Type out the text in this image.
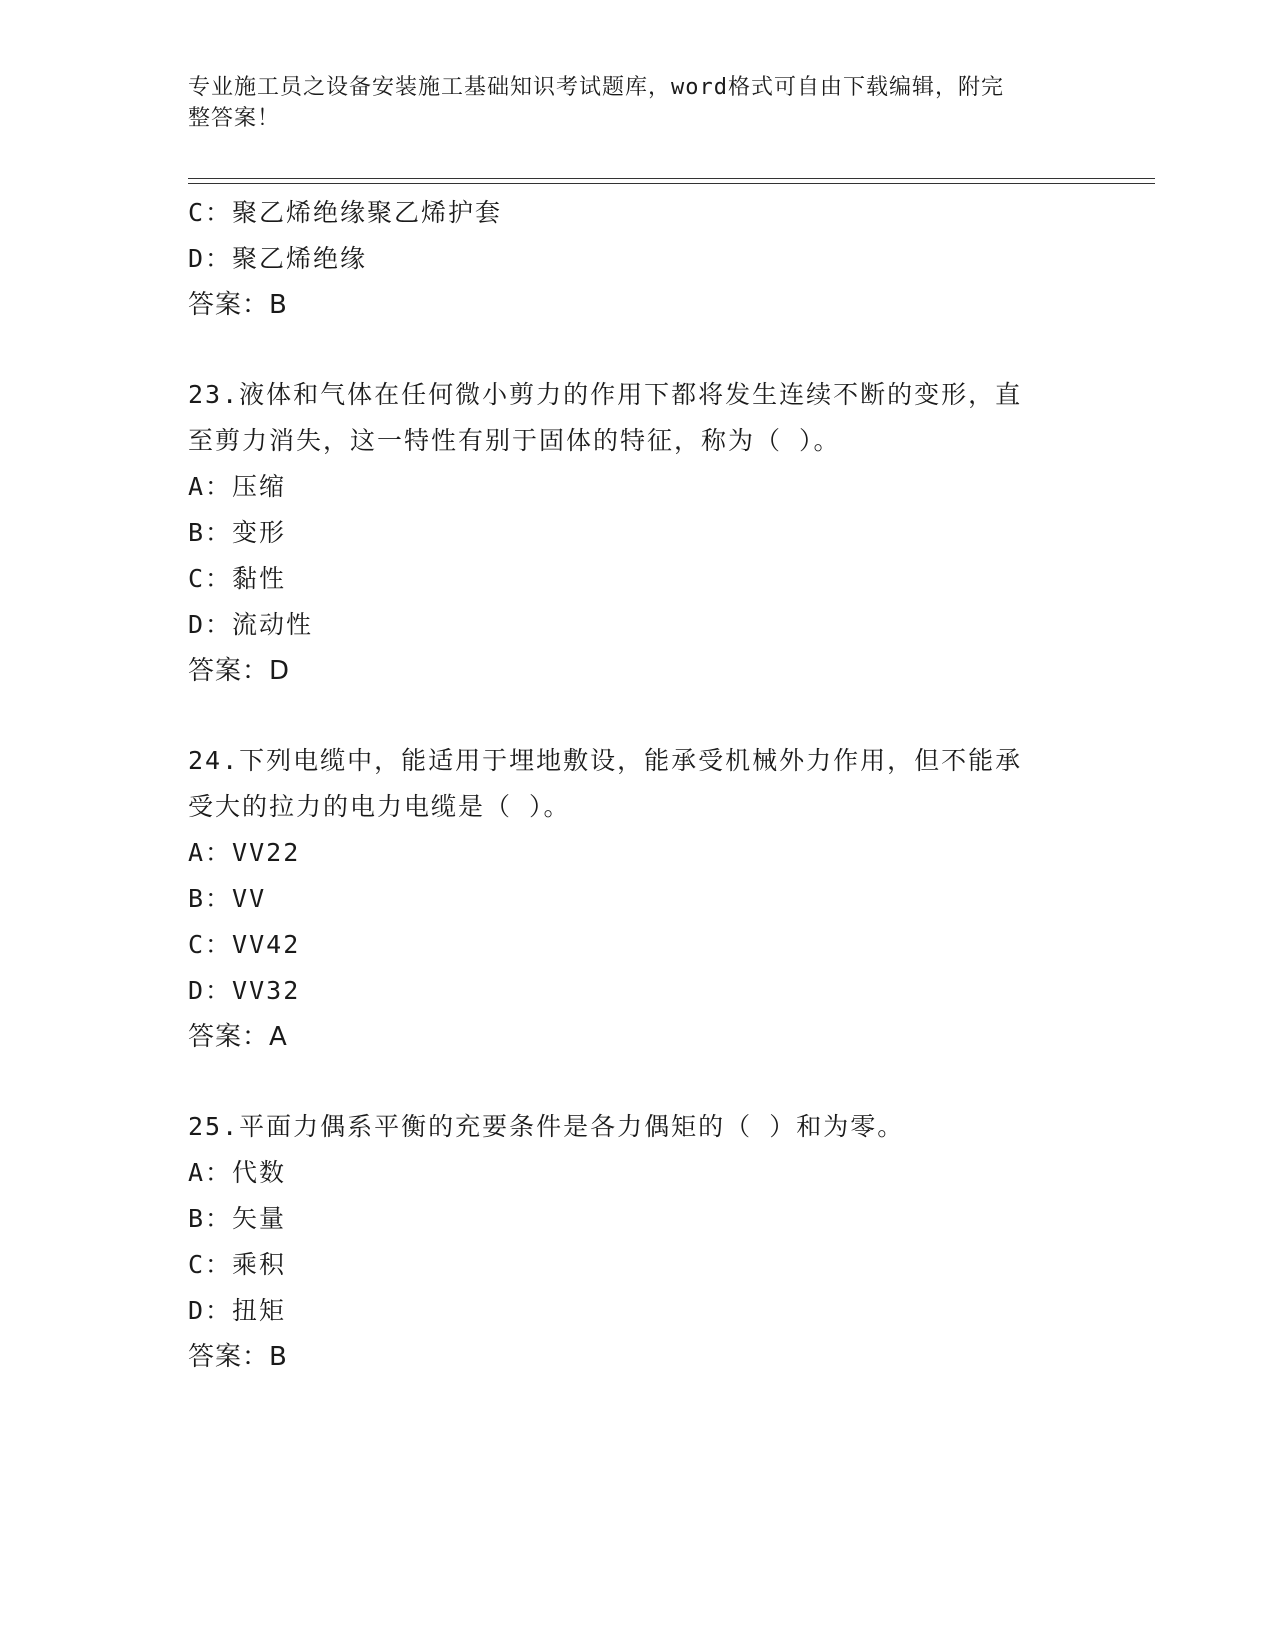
专业施工员之设备安装施工基础知识考试题库，word格式可自由下载编辑，附完
整答案！
C：聚乙烯绝缘聚乙烯护套
D：聚乙烯绝缘
答案：B
23.液体和气体在任何微小剪力的作用下都将发生连续不断的变形，直
至剪力消失，这一特性有别于固体的特征，称为（ ）。
A：压缩
B：变形
C：黏性
D：流动性
答案：D
24.下列电缆中，能适用于埋地敷设，能承受机械外力作用，但不能承
受大的拉力的电力电缆是（ ）。
A：VV22
B：VV
C：VV42
D：VV32
答案：A
25.平面力偶系平衡的充要条件是各力偶矩的（ ）和为零。
A：代数
B：矢量
C：乘积
D：扭矩
答案：B
